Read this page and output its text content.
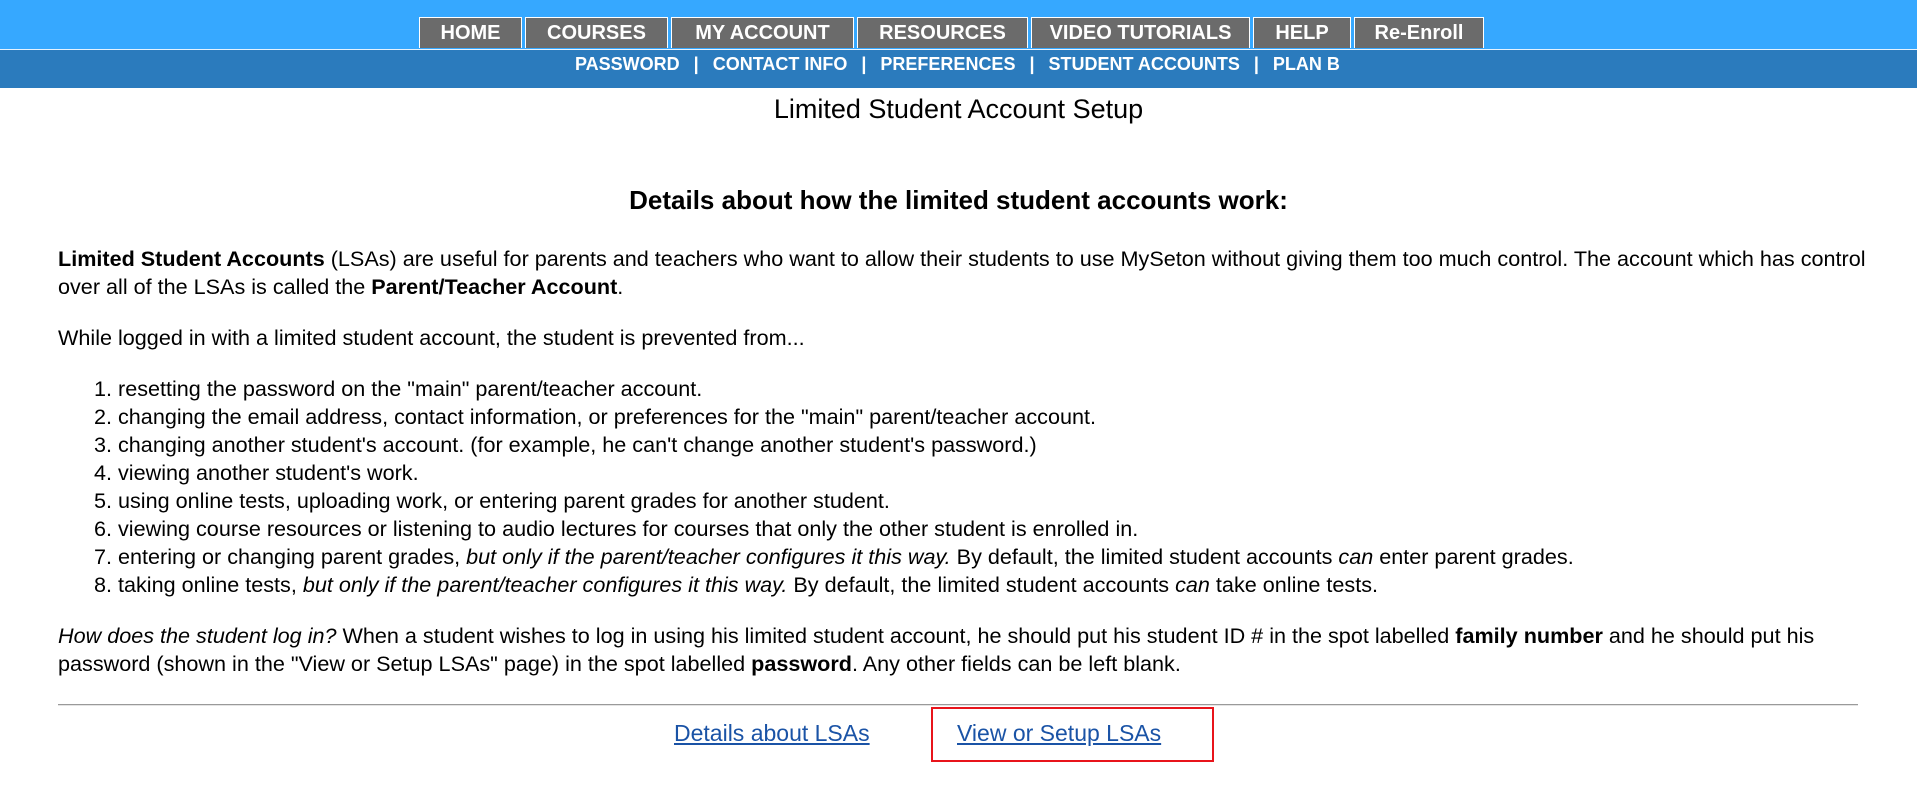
HOME	COURSES	MY ACCOUNT	RESOURCES	VIDEO TUTORIALS	HELP	Re-Enroll
PASSWORD | CONTACT INFO | PREFERENCES | STUDENT ACCOUNTS | PLAN B
Limited Student Account Setup
Details about how the limited student accounts work:

Limited Student Accounts (LSAs) are useful for parents and teachers who want to allow their students to use MySeton without giving them too much control. The account which has control over all of the LSAs is called the Parent/Teacher Account.

While logged in with a limited student account, the student is prevented from...

1. resetting the password on the "main" parent/teacher account.
2. changing the email address, contact information, or preferences for the "main" parent/teacher account.
3. changing another student's account. (for example, he can't change another student's password.)
4. viewing another student's work.
5. using online tests, uploading work, or entering parent grades for another student.
6. viewing course resources or listening to audio lectures for courses that only the other student is enrolled in.
7. entering or changing parent grades, but only if the parent/teacher configures it this way. By default, the limited student accounts can enter parent grades.
8. taking online tests, but only if the parent/teacher configures it this way. By default, the limited student accounts can take online tests.

How does the student log in? When a student wishes to log in using his limited student account, he should put his student ID # in the spot labelled family number and he should put his password (shown in the "View or Setup LSAs" page) in the spot labelled password. Any other fields can be left blank.

Details about LSAs	View or Setup LSAs
